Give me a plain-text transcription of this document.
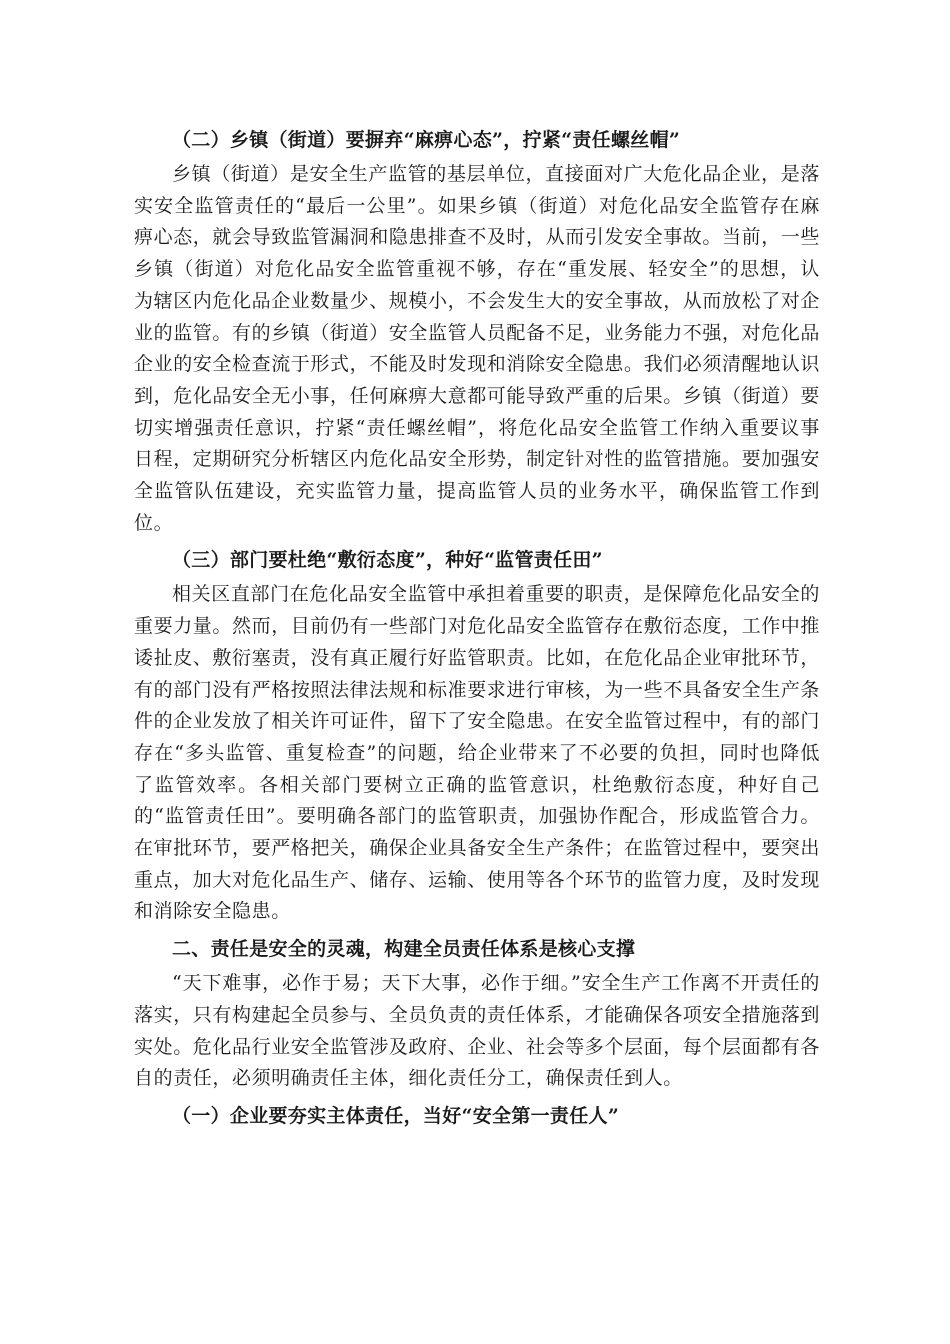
（二）乡镇（街道）要摒弃“麻痹心态”，拧紧“责任螺丝帽”

乡镇（街道）是安全生产监管的基层单位，直接面对广大危化品企业，是落实安全监管责任的“最后一公里”。如果乡镇（街道）对危化品安全监管存在麻痹心态，就会导致监管漏洞和隐患排查不及时，从而引发安全事故。当前，一些乡镇（街道）对危化品安全监管重视不够，存在“重发展、轻安全”的思想，认为辖区内危化品企业数量少、规模小，不会发生大的安全事故，从而放松了对企业的监管。有的乡镇（街道）安全监管人员配备不足，业务能力不强，对危化品企业的安全检查流于形式，不能及时发现和消除安全隐患。我们必须清醒地认识到，危化品安全无小事，任何麻痹大意都可能导致严重的后果。乡镇（街道）要切实增强责任意识，拧紧“责任螺丝帽”，将危化品安全监管工作纳入重要议事日程，定期研究分析辖区内危化品安全形势，制定针对性的监管措施。要加强安全监管队伍建设，充实监管力量，提高监管人员的业务水平，确保监管工作到位。

（三）部门要杜绝“敷衍态度”，种好“监管责任田”

相关区直部门在危化品安全监管中承担着重要的职责，是保障危化品安全的重要力量。然而，目前仍有一些部门对危化品安全监管存在敷衍态度，工作中推诿扯皮、敷衍塞责，没有真正履行好监管职责。比如，在危化品企业审批环节，有的部门没有严格按照法律法规和标准要求进行审核，为一些不具备安全生产条件的企业发放了相关许可证件，留下了安全隐患。在安全监管过程中，有的部门存在“多头监管、重复检查”的问题，给企业带来了不必要的负担，同时也降低了监管效率。各相关部门要树立正确的监管意识，杜绝敷衍态度，种好自己的“监管责任田”。要明确各部门的监管职责，加强协作配合，形成监管合力。在审批环节，要严格把关，确保企业具备安全生产条件；在监管过程中，要突出重点，加大对危化品生产、储存、运输、使用等各个环节的监管力度，及时发现和消除安全隐患。

二、责任是安全的灵魂，构建全员责任体系是核心支撑

“天下难事，必作于易；天下大事，必作于细。”安全生产工作离不开责任的落实，只有构建起全员参与、全员负责的责任体系，才能确保各项安全措施落到实处。危化品行业安全监管涉及政府、企业、社会等多个层面，每个层面都有各自的责任，必须明确责任主体，细化责任分工，确保责任到人。

（一）企业要夯实主体责任，当好“安全第一责任人”
